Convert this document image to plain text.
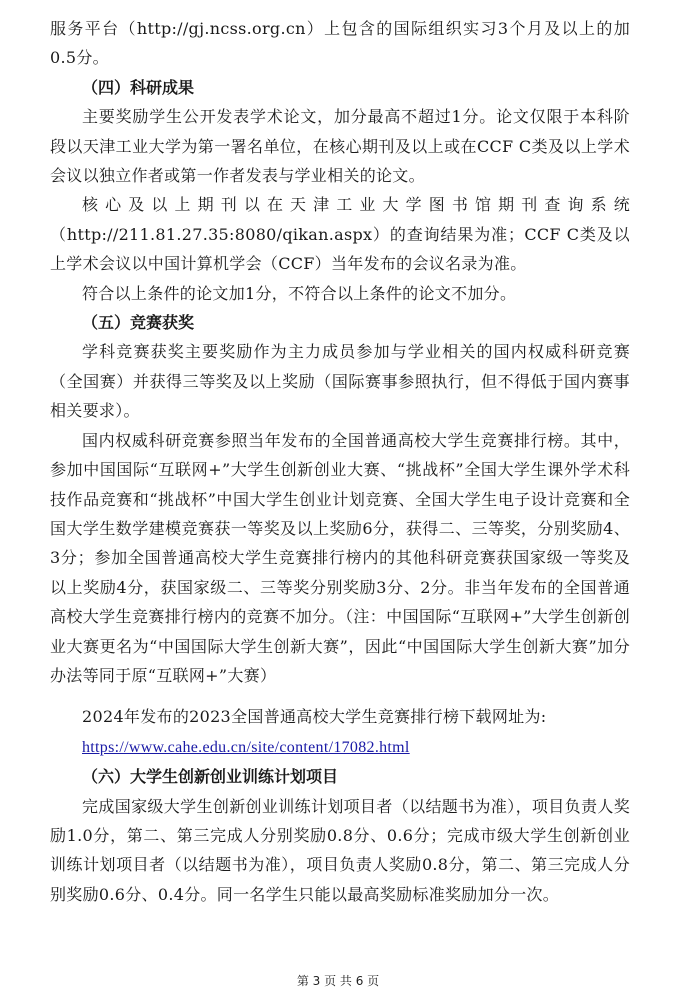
服务平台（http://gj.ncss.org.cn）上包含的国际组织实习3个月及以上的加0.5分。

（四）科研成果

主要奖励学生公开发表学术论文，加分最高不超过1分。论文仅限于本科阶段以天津工业大学为第一署名单位，在核心期刊及以上或在CCF C类及以上学术会议以独立作者或第一作者发表与学业相关的论文。

核心及以上期刊以在天津工业大学图书馆期刊查询系统（http://211.81.27.35:8080/qikan.aspx）的查询结果为准；CCF C类及以上学术会议以中国计算机学会（CCF）当年发布的会议名录为准。

符合以上条件的论文加1分，不符合以上条件的论文不加分。

（五）竞赛获奖

学科竞赛获奖主要奖励作为主力成员参加与学业相关的国内权威科研竞赛（全国赛）并获得三等奖及以上奖励（国际赛事参照执行，但不得低于国内赛事相关要求）。

国内权威科研竞赛参照当年发布的全国普通高校大学生竞赛排行榜。其中，参加中国国际“互联网+”大学生创新创业大赛、“挑战杯”全国大学生课外学术科技作品竞赛和“挑战杯”中国大学生创业计划竞赛、全国大学生电子设计竞赛和全国大学生数学建模竞赛获一等奖及以上奖励6分，获得二、三等奖，分别奖励4、3分；参加全国普通高校大学生竞赛排行榜内的其他科研竞赛获国家级一等奖及以上奖励4分，获国家级二、三等奖分别奖励3分、2分。非当年发布的全国普通高校大学生竞赛排行榜内的竞赛不加分。（注：中国国际“互联网+”大学生创新创业大赛更名为“中国国际大学生创新大赛”，因此“中国国际大学生创新大赛”加分办法等同于原“互联网+”大赛）

2024年发布的2023全国普通高校大学生竞赛排行榜下载网址为:

https://www.cahe.edu.cn/site/content/17082.html

（六）大学生创新创业训练计划项目

完成国家级大学生创新创业训练计划项目者（以结题书为准），项目负责人奖励1.0分，第二、第三完成人分别奖励0.8分、0.6分；完成市级大学生创新创业训练计划项目者（以结题书为准），项目负责人奖励0.8分，第二、第三完成人分别奖励0.6分、0.4分。同一名学生只能以最高奖励标准奖励加分一次。

第 3 页 共 6 页
